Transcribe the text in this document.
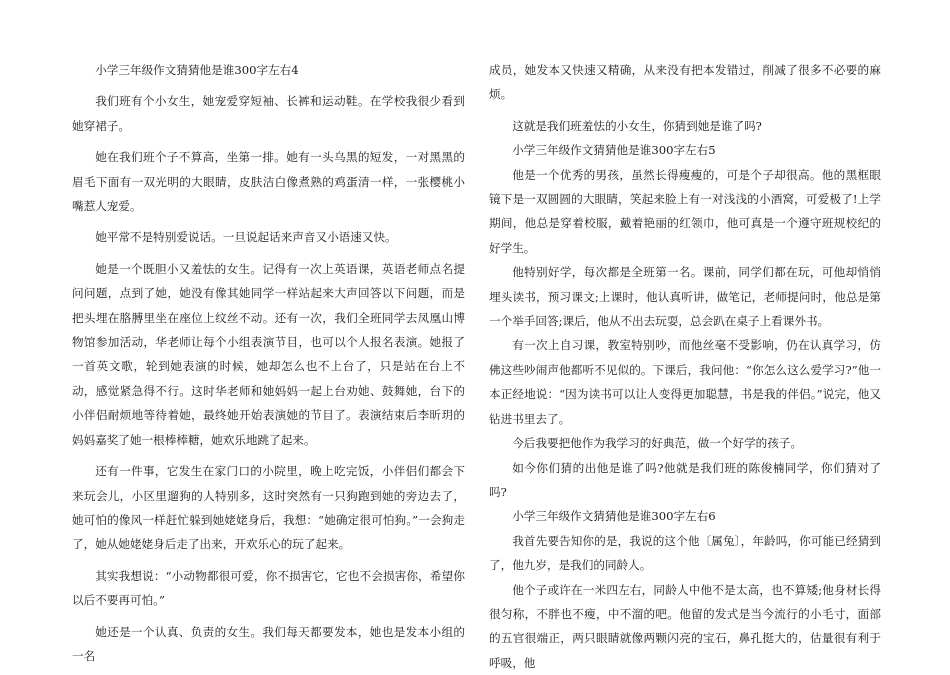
小学三年级作文猜猜他是谁300字左右4

我们班有个小女生，她宠爱穿短袖、长裤和运动鞋。在学校我很少看到她穿裙子。

她在我们班个子不算高，坐第一排。她有一头乌黑的短发，一对黑黑的眉毛下面有一双光明的大眼睛，皮肤洁白像煮熟的鸡蛋清一样，一张樱桃小嘴惹人宠爱。

她平常不是特别爱说话。一旦说起话来声音又小语速又快。

她是一个既胆小又羞怯的女生。记得有一次上英语课，英语老师点名提问问题，点到了她，她没有像其她同学一样站起来大声回答以下问题，而是把头埋在胳膊里坐在座位上纹丝不动。还有一次，我们全班同学去凤凰山博物馆参加活动，华老师让每个小组表演节目，也可以个人报名表演。她报了一首英文歌，轮到她表演的时候，她却怎么也不上台了，只是站在台上不动，感觉紧急得不行。这时华老师和她妈妈一起上台劝她、鼓舞她，台下的小伴侣耐烦地等待着她，最终她开始表演她的节目了。表演结束后李昕玥的妈妈嘉奖了她一根棒棒糖，她欢乐地跳了起来。

还有一件事，它发生在家门口的小院里，晚上吃完饭，小伴侣们都会下来玩会儿，小区里遛狗的人特别多，这时突然有一只狗跑到她的旁边去了，她可怕的像风一样赶忙躲到她姥姥身后，我想：“她确定很可怕狗。”一会狗走了，她从她姥姥身后走了出来，开欢乐心的玩了起来。

其实我想说：“小动物都很可爱，你不损害它，它也不会损害你，希望你以后不要再可怕。”

她还是一个认真、负责的女生。我们每天都要发本，她也是发本小组的一名

成员，她发本又快速又精确，从来没有把本发错过，削减了很多不必要的麻烦。

这就是我们班羞怯的小女生，你猜到她是谁了吗?

小学三年级作文猜猜他是谁300字左右5

他是一个优秀的男孩，虽然长得瘦瘦的，可是个子却很高。他的黑框眼镜下是一双圆圆的大眼睛，笑起来脸上有一对浅浅的小酒窝，可爱极了!上学期间，他总是穿着校服，戴着艳丽的红领巾，他可真是一个遵守班规校纪的好学生。

他特别好学，每次都是全班第一名。课前，同学们都在玩，可他却悄悄埋头读书，预习课文;上课时，他认真听讲，做笔记，老师提问时，他总是第一个举手回答;课后，他从不出去玩耍，总会趴在桌子上看课外书。

有一次上自习课，教室特别吵，而他丝毫不受影响，仍在认真学习，仿佛这些吵闹声他都听不见似的。下课后，我问他：“你怎么这么爱学习?”他一本正经地说：“因为读书可以让人变得更加聪慧，书是我的伴侣。”说完，他又钻进书里去了。

今后我要把他作为我学习的好典范，做一个好学的孩子。

如今你们猜的出他是谁了吗?他就是我们班的陈俊楠同学，你们猜对了吗?

小学三年级作文猜猜他是谁300字左右6

我首先要告知你的是，我说的这个他〔属兔〕，年龄吗，你可能已经猜到了，他九岁，是我们的同龄人。

他个子或许在一米四左右，同龄人中他不是太高，也不算矮;他身材长得很匀称，不胖也不瘦，中不溜的吧。他留的发式是当今流行的小毛寸，面部的五官很端正，两只眼睛就像两颗闪亮的宝石，鼻孔挺大的，估量很有利于呼吸，他
